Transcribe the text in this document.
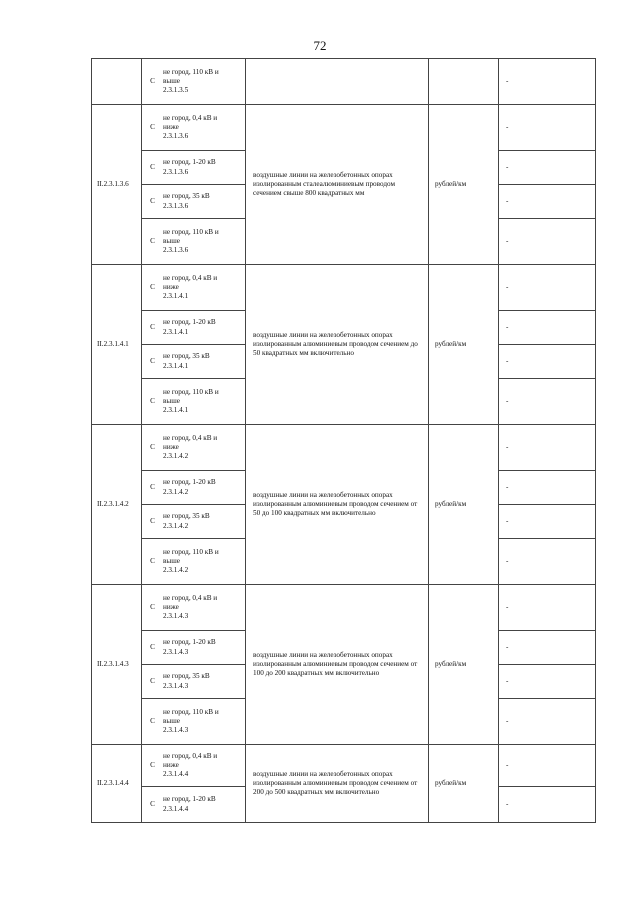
72

	С
не город, 110 кВ и
выше
2.3.1.3.5			-
II.2.3.1.3.6	С
не город, 0,4 кВ и
ниже
2.3.1.3.6	воздушные линии на железобетонных опорах изолированным сталеалюминиевым проводом сечением свыше 800 квадратных мм	рублей/км	-

	С
не город, 1-20 кВ
2.3.1.3.6			-

	С
не город, 35 кВ
2.3.1.3.6			-

	С
не город, 110 кВ и
выше
2.3.1.3.6			-
II.2.3.1.4.1	С
не город, 0,4 кВ и
ниже
2.3.1.4.1	воздушные линии на железобетонных опорах изолированным алюминиевым проводом сечением до 50 квадратных мм включительно	рублей/км	-

	С
не город, 1-20 кВ
2.3.1.4.1			-

	С
не город, 35 кВ
2.3.1.4.1			-

	С
не город, 110 кВ и
выше
2.3.1.4.1			-
II.2.3.1.4.2	С
не город, 0,4 кВ и
ниже
2.3.1.4.2	воздушные линии на железобетонных опорах изолированным алюминиевым проводом сечением от 50 до 100 квадратных мм включительно	рублей/км	-

	С
не город, 1-20 кВ
2.3.1.4.2			-

	С
не город, 35 кВ
2.3.1.4.2			-

	С
не город, 110 кВ и
выше
2.3.1.4.2			-
II.2.3.1.4.3	С
не город, 0,4 кВ и
ниже
2.3.1.4.3	воздушные линии на железобетонных опорах изолированным алюминиевым проводом сечением от 100 до 200 квадратных мм включительно	рублей/км	-

	С
не город, 1-20 кВ
2.3.1.4.3			-

	С
не город, 35 кВ
2.3.1.4.3			-

	С
не город, 110 кВ и
выше
2.3.1.4.3			-
II.2.3.1.4.4	С
не город, 0,4 кВ и
ниже
2.3.1.4.4	воздушные линии на железобетонных опорах изолированным алюминиевым проводом сечением от 200 до 500 квадратных мм включительно	рублей/км	-

	С
не город, 1-20 кВ
2.3.1.4.4			-
